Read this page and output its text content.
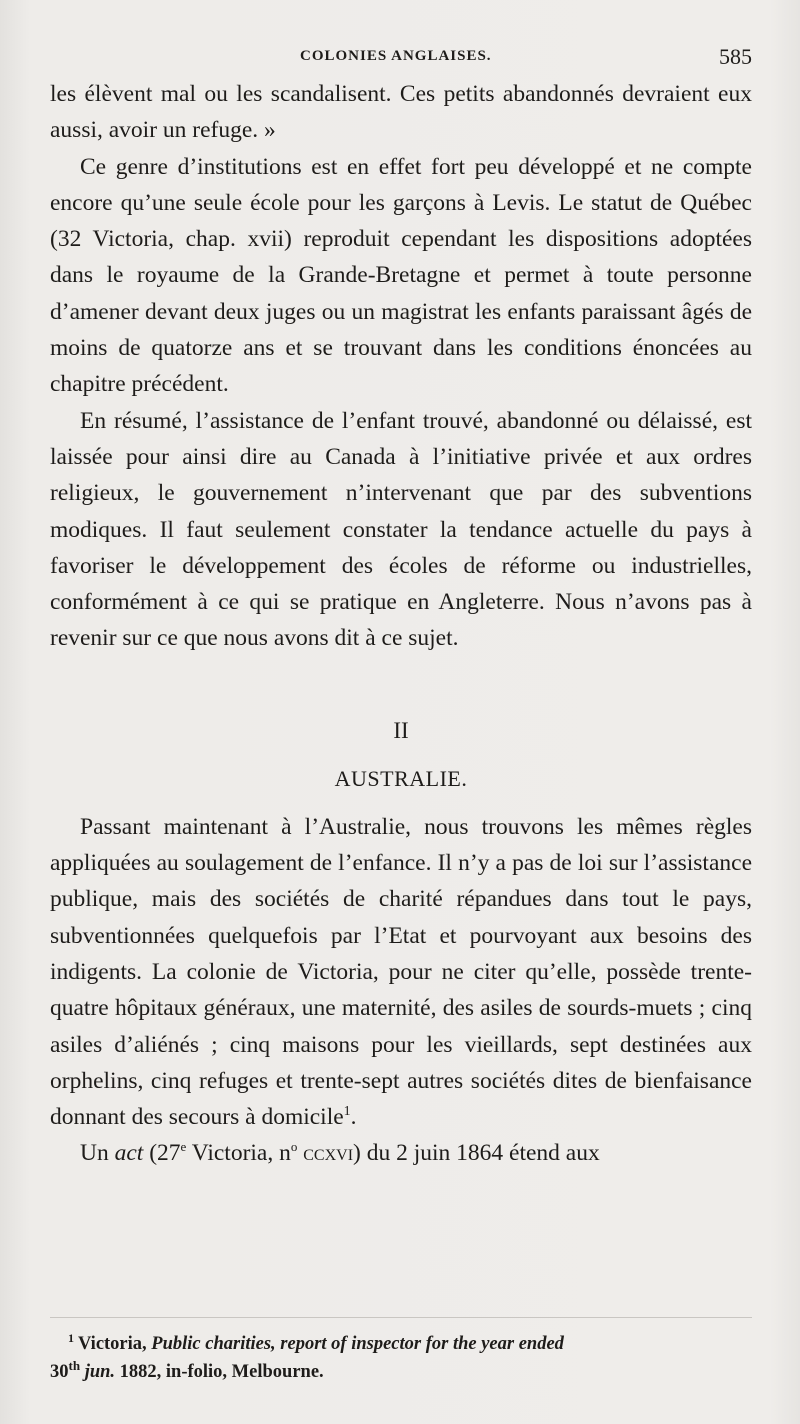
COLONIES ANGLAISES.	585

les élèvent mal ou les scandalisent. Ces petits abandonnés devraient eux aussi, avoir un refuge. »

Ce genre d’institutions est en effet fort peu développé et ne compte encore qu’une seule école pour les garçons à Levis. Le statut de Québec (32 Victoria, chap. xvii) reproduit cependant les dispositions adoptées dans le royaume de la Grande-Bretagne et permet à toute personne d’amener devant deux juges ou un magistrat les enfants paraissant âgés de moins de quatorze ans et se trouvant dans les conditions énoncées au chapitre précédent.

En résumé, l’assistance de l’enfant trouvé, abandonné ou délaissé, est laissée pour ainsi dire au Canada à l’initiative privée et aux ordres religieux, le gouvernement n’intervenant que par des subventions modiques. Il faut seulement constater la tendance actuelle du pays à favoriser le développement des écoles de réforme ou industrielles, conformément à ce qui se pratique en Angleterre. Nous n’avons pas à revenir sur ce que nous avons dit à ce sujet.

II
AUSTRALIE.

Passant maintenant à l’Australie, nous trouvons les mêmes règles appliquées au soulagement de l’enfance. Il n’y a pas de loi sur l’assistance publique, mais des sociétés de charité répandues dans tout le pays, subventionnées quelquefois par l’Etat et pourvoyant aux besoins des indigents. La colonie de Victoria, pour ne citer qu’elle, possède trente-quatre hôpitaux généraux, une maternité, des asiles de sourds-muets ; cinq asiles d’aliénés ; cinq maisons pour les vieillards, sept destinées aux orphelins, cinq refuges et trente-sept autres sociétés dites de bienfaisance donnant des secours à domicile$^1$.

Un act (27e Victoria, $n^o$ ccxvi) du 2 juin 1864 étend aux

$^1$ Victoria, Public charities, report of inspector for the year ended
30th jun. 1882, in-folio, Melbourne.
